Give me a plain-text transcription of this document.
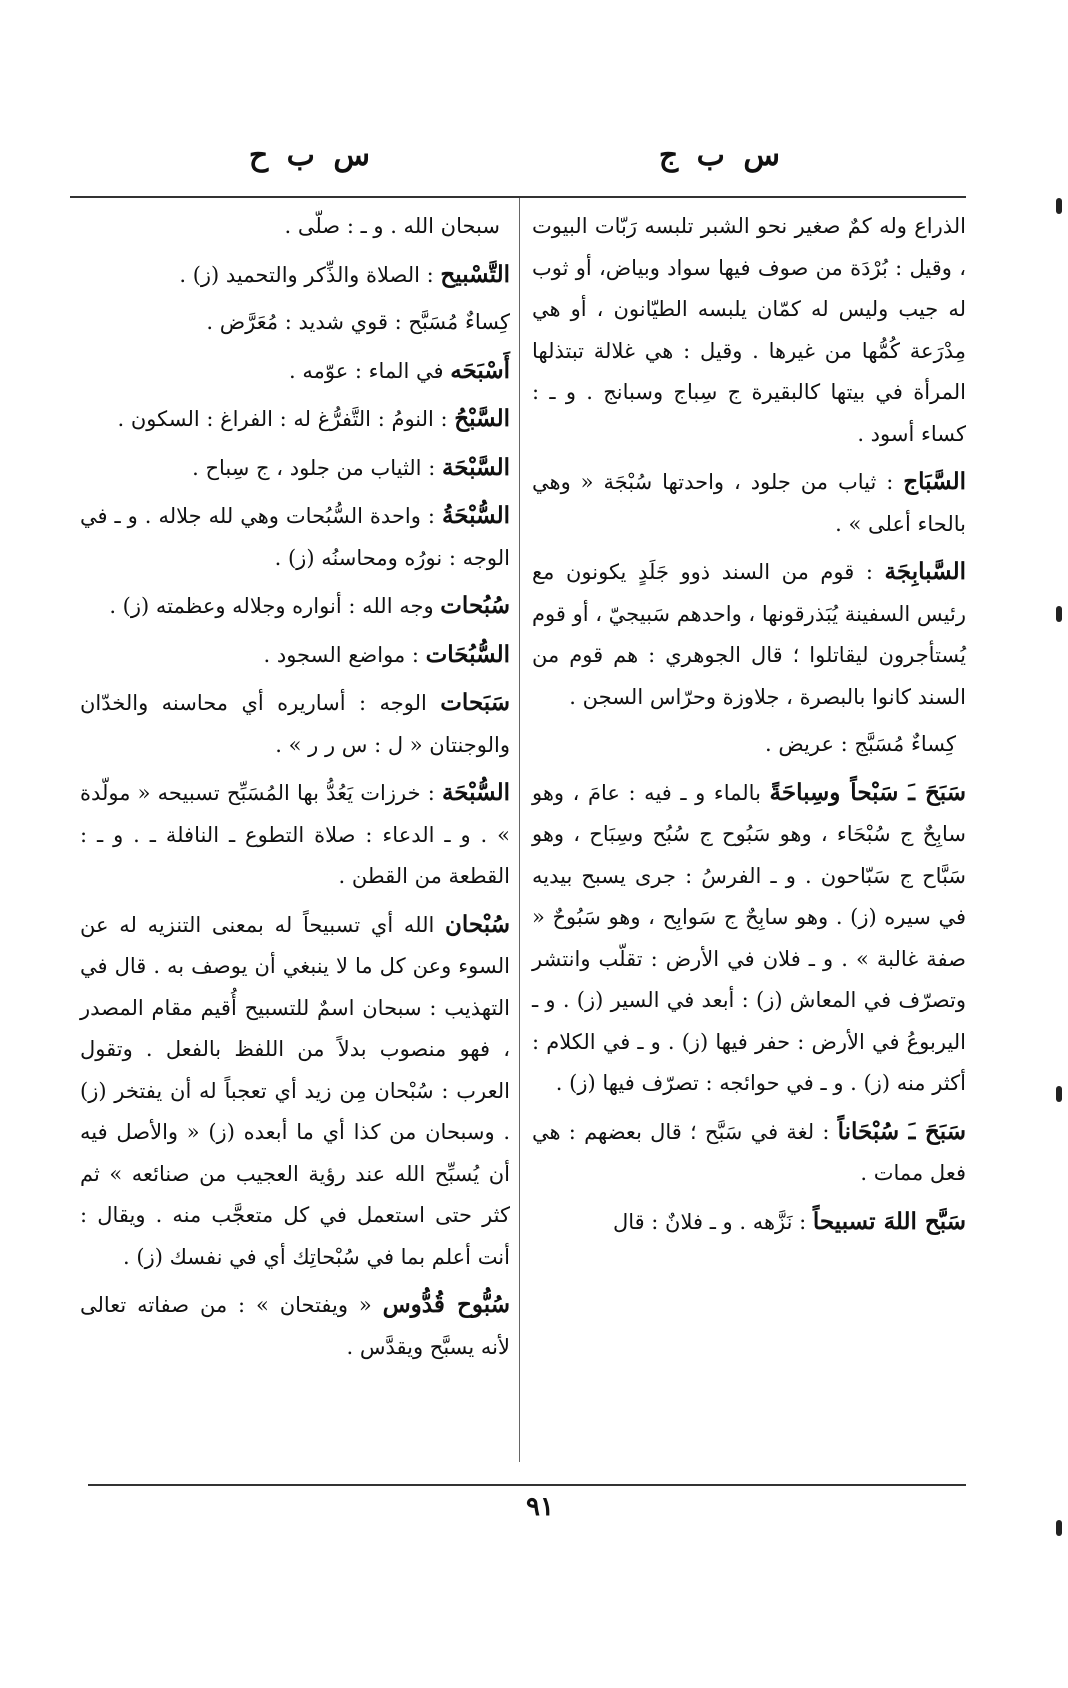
س ب ج
س ب ح

الذراع وله كمٌ صغير نحو الشبر تلبسه رَبّات البيوت ، وقيل : بُرْدَة من صوف فيها سواد وبياض، أو ثوب له جيب وليس له كمّان يلبسه الطيّانون ، أو هي مِدْرَعة كُمُّها من غيرها . وقيل : هي غلالة تبتذلها المرأة في بيتها كالبقيرة ج سِباج وسبانج . و ـ : كساء أسود .

السَّبَاج : ثياب من جلود ، واحدتها سُبْجَة « وهي بالحاء أعلى » .

السَّبابِجَة : قوم من السند ذوو جَلَدٍ يكونون مع رئيس السفينة يُبَذرقونها ، واحدهم سَبيجيّ ، أو قوم يُستأجرون ليقاتلوا ؛ قال الجوهري : هم قوم من السند كانوا بالبصرة ، جلاوزة وحرّاس السجن .

كِساءٌ مُسَبَّج : عريض .

سَبَحَ ـَ سَبْحاً وسِباحَةً بالماء و ـ فيه : عامَ ، وهو سابِحٌ ج سُبْحَاء ، وهو سَبُوح ج سُبُح وسِبَاح ، وهو سَبَّاح ج سَبّاحون . و ـ الفرسُ : جرى يسبح بيديه في سيره (ز) . وهو سابِحٌ ج سَوابِح ، وهو سَبُوحٌ « صفة غالبة » . و ـ فلان في الأرض : تقلّب وانتشر وتصرّف في المعاش (ز) : أبعد في السير (ز) . و ـ اليربوعُ في الأرض : حفر فيها (ز) . و ـ في الكلام : أكثر منه (ز) . و ـ في حوائجه : تصرّف فيها (ز) .

سَبَحَ ـَ سُبْحَاناً : لغة في سَبَّح ؛ قال بعضهم : هي فعل ممات .

سَبَّح اللهَ تسبيحاً : نَزَّهه . و ـ فلانٌ : قال

سبحان الله . و ـ : صلّى .

التَّسْبيح : الصلاة والذِّكر والتحميد (ز) .

كِساءٌ مُسَبَّح : قوي شديد : مُعَرَّض .

أَسْبَحَه في الماء : عوّمه .

السَّبْحُ : النومُ : التَّفرُّغ له : الفراغ : السكون .

السَّبْحَة : الثياب من جلود ، ج سِباح .

السُّبْحَةُ : واحدة السُّبُحات وهي لله جلاله . و ـ في الوجه : نورُه ومحاسنُه (ز) .

سُبُحات وجه الله : أنواره وجلاله وعظمته (ز) .

السُّبُحَات : مواضع السجود .

سَبَحات الوجه : أساريره أي محاسنه والخدّان والوجنتان « ل : س ر ر » .

السُّبْحَة : خرزات يَعُدُّ بها المُسَبِّح تسبيحه « مولّدة » . و ـ الدعاء : صلاة التطوع ـ النافلة ـ . و ـ : القطعة من القطن .

سُبْحان الله أي تسبيحاً له بمعنى التنزيه له عن السوء وعن كل ما لا ينبغي أن يوصف به . قال في التهذيب : سبحان اسمٌ للتسبيح أُقيم مقام المصدر ، فهو منصوب بدلاً من اللفظ بالفعل . وتقول العرب : سُبْحان مِن زيد أي تعجباً له أن يفتخر (ز) . وسبحان من كذا أي ما أبعده (ز) « والأصل فيه أن يُسبِّح الله عند رؤية العجيب من صنائعه » ثم كثر حتى استعمل في كل متعجَّب منه . ويقال : أنت أعلم بما في سُبْحاتِك أي في نفسك (ز) .

سُبُّوح قُدُّوس « ويفتحان » : من صفاته تعالى لأنه يسبَّح ويقدَّس .

٩١
